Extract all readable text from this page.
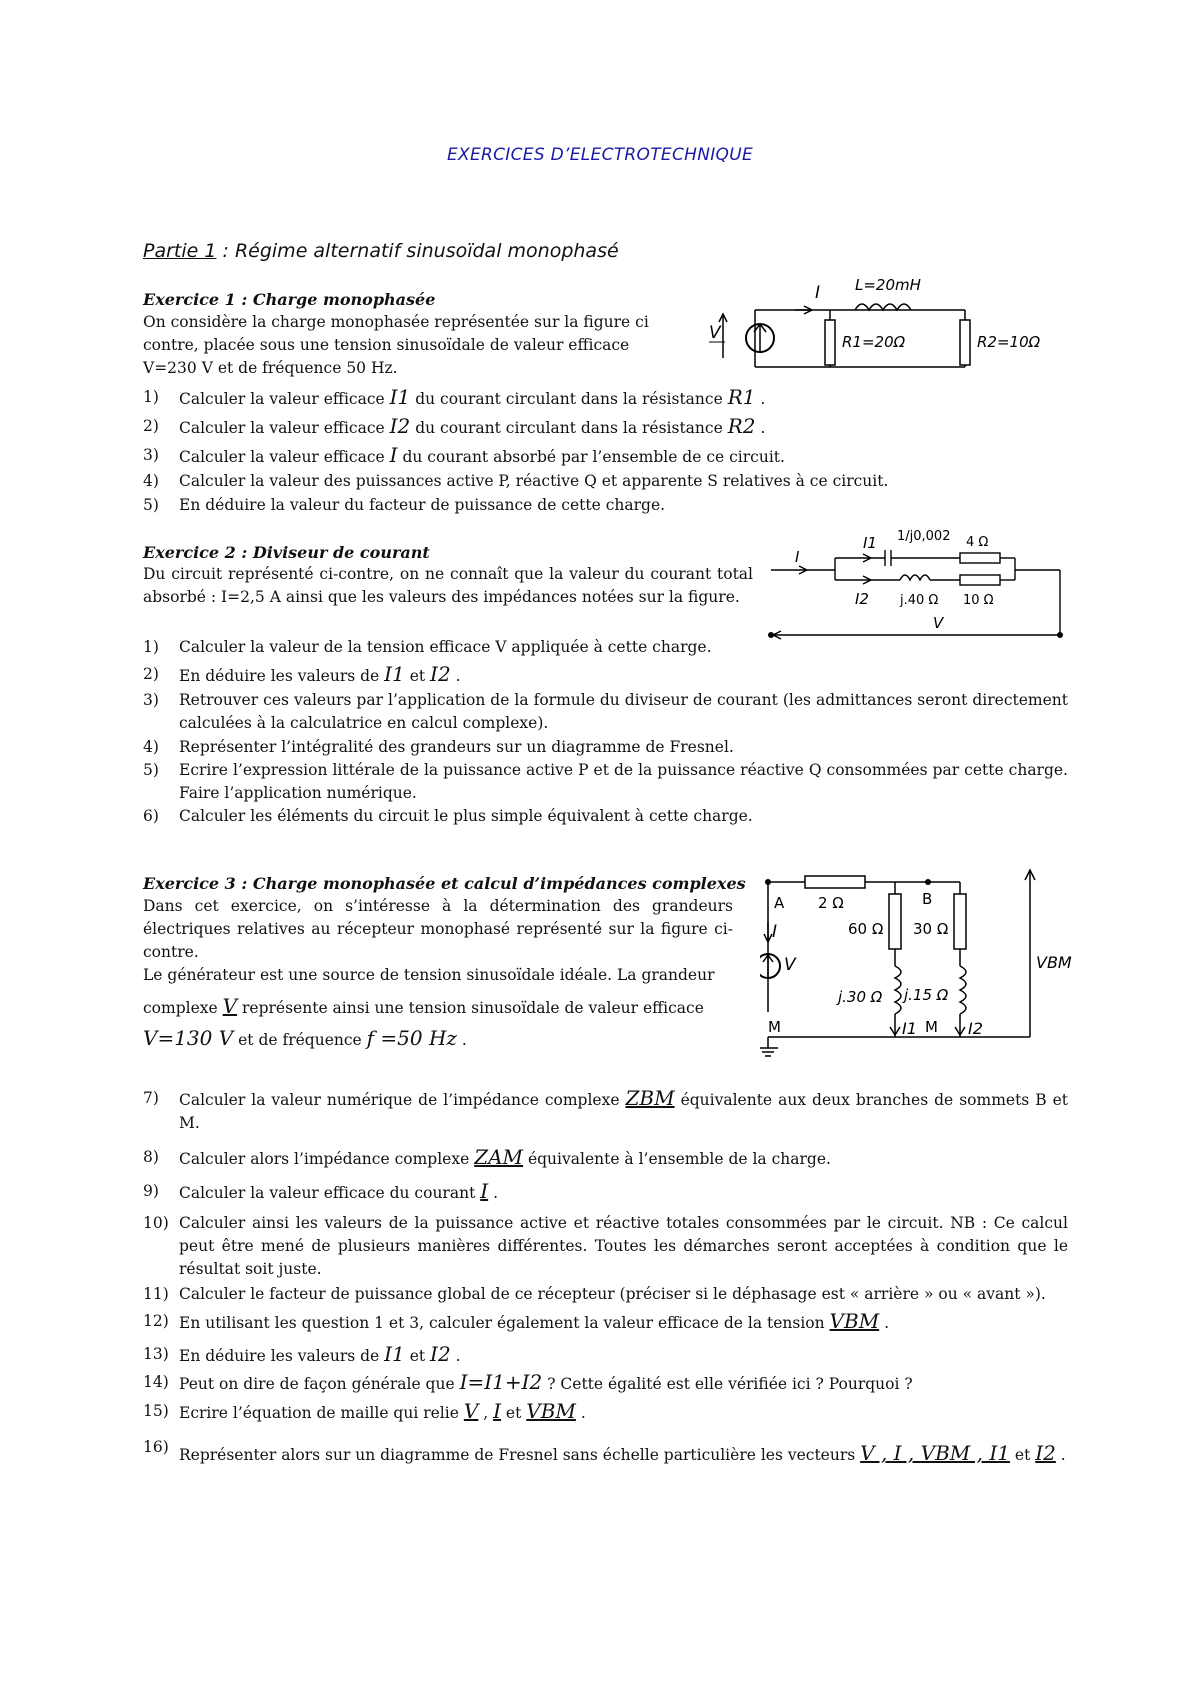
EXERCICES D’ELECTROTECHNIQUE
Partie 1 : Régime alternatif sinusoïdal monophasé
Exercice 1 : Charge monophasée
On considère la charge monophasée représentée sur la figure ci
contre, placée sous une tension sinusoïdale de valeur efficace
V=230 V et de fréquence 50 Hz.
V
I L=20mH
R1=20Ω	R2=10Ω
1) Calculer la valeur efficace I1 du courant circulant dans la résistance R1 .
2) Calculer la valeur efficace I2 du courant circulant dans la résistance R2 .
3) Calculer la valeur efficace I du courant absorbé par l’ensemble de ce circuit.
4) Calculer la valeur des puissances active P, réactive Q et apparente S relatives à ce circuit.
5) En déduire la valeur du facteur de puissance de cette charge.
Exercice 2 : Diviseur de courant
Du circuit représenté ci-contre, on ne connaît que la valeur du courant total absorbé : I=2,5 A ainsi que les valeurs des impédances notées sur la figure.
I
I1 1/j0,002 4 Ω
I2 j.40 Ω 10 Ω
V
1) Calculer la valeur de la tension efficace V appliquée à cette charge.
2) En déduire les valeurs de I1 et I2 .
3) Retrouver ces valeurs par l’application de la formule du diviseur de courant (les admittances seront directement calculées à la calculatrice en calcul complexe).
4) Représenter l’intégralité des grandeurs sur un diagramme de Fresnel.
5) Ecrire l’expression littérale de la puissance active P et de la puissance réactive Q consommées par cette charge. Faire l’application numérique.
6) Calculer les éléments du circuit le plus simple équivalent à cette charge.
Exercice 3 : Charge monophasée et calcul d’impédances complexes
Dans cet exercice, on s’intéresse à la détermination des grandeurs électriques relatives au récepteur monophasé représenté sur la figure ci-contre.
Le générateur est une source de tension sinusoïdale idéale. La grandeur
complexe V représente ainsi une tension sinusoïdale de valeur efficace
V=130 V et de fréquence f =50 Hz .
A	B
2 Ω
60 Ω 30 Ω
j.30 Ω j.15 Ω
I
V
M	I1 M I2
VBM
7) Calculer la valeur numérique de l’impédance complexe ZBM équivalente aux deux branches de sommets B et M.
8) Calculer alors l’impédance complexe ZAM équivalente à l’ensemble de la charge.
9) Calculer la valeur efficace du courant I .
10) Calculer ainsi les valeurs de la puissance active et réactive totales consommées par le circuit. NB : Ce calcul peut être mené de plusieurs manières différentes. Toutes les démarches seront acceptées à condition que le résultat soit juste.
11) Calculer le facteur de puissance global de ce récepteur (préciser si le déphasage est « arrière » ou « avant »).
12) En utilisant les question 1 et 3, calculer également la valeur efficace de la tension VBM .
13) En déduire les valeurs de I1 et I2 .
14) Peut on dire de façon générale que I=I1+I2 ? Cette égalité est elle vérifiée ici ? Pourquoi ?
15) Ecrire l’équation de maille qui relie V , I et VBM .
16) Représenter alors sur un diagramme de Fresnel sans échelle particulière les vecteurs V , I , VBM , I1 et I2 .
